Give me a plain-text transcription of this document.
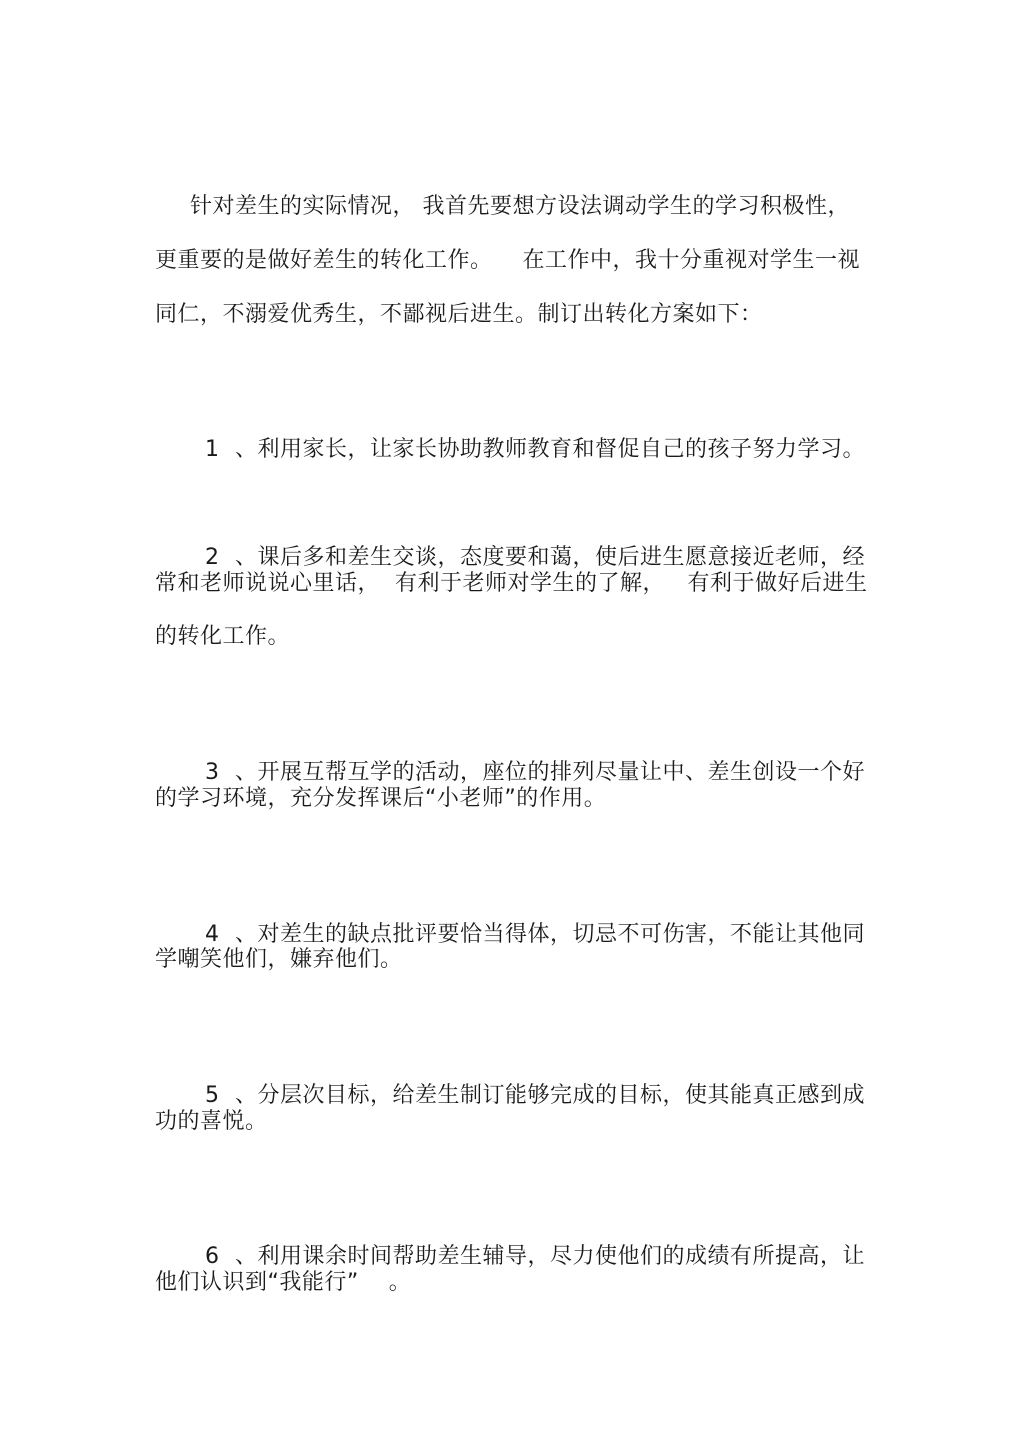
针对差生的实际情况， 我首先要想方设法调动学生的学习积极性，
更重要的是做好差生的转化工作。    在工作中，我十分重视对学生一视
同仁，不溺爱优秀生，不鄙视后进生。制订出转化方案如下：

1 、利用家长，让家长协助教师教育和督促自己的孩子努力学习。

2 、课后多和差生交谈，态度要和蔼，使后进生愿意接近老师，经

常和老师说说心里话，  有利于老师对学生的了解，   有利于做好后进生
的转化工作。

3 、开展互帮互学的活动，座位的排列尽量让中、差生创设一个好

的学习环境，充分发挥课后“小老师”的作用。

4 、对差生的缺点批评要恰当得体，切忌不可伤害，不能让其他同

学嘲笑他们，嫌弃他们。

5 、分层次目标，给差生制订能够完成的目标，使其能真正感到成

功的喜悦。

6 、利用课余时间帮助差生辅导，尽力使他们的成绩有所提高，让

他们认识到“我能行”    。
